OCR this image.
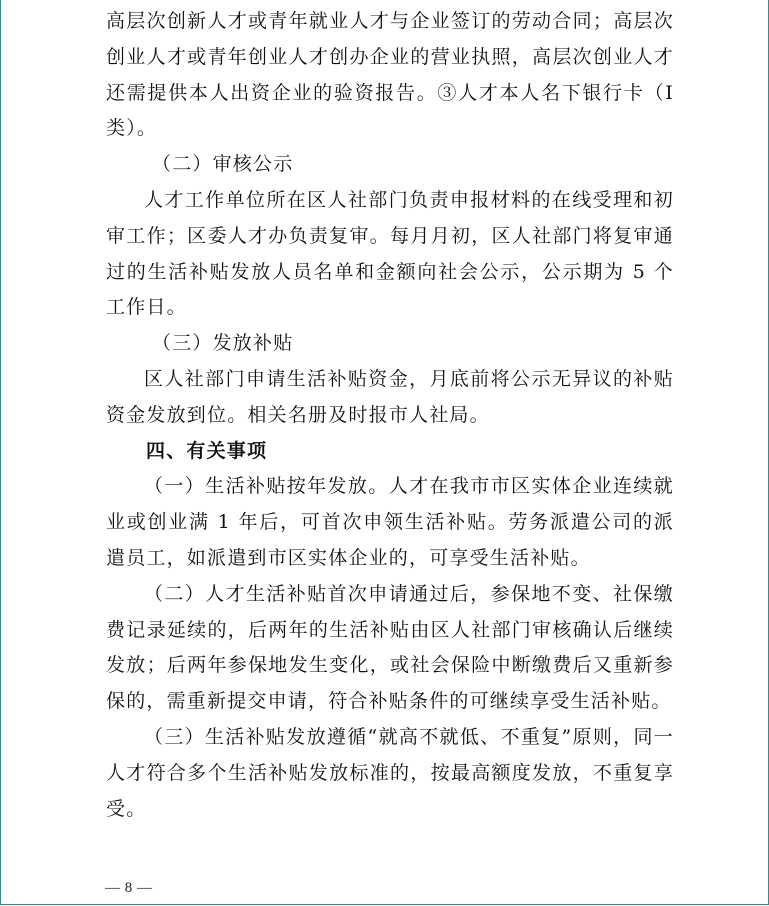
高层次创新人才或青年就业人才与企业签订的劳动合同；高层次创业人才或青年创业人才创办企业的营业执照，高层次创业人才还需提供本人出资企业的验资报告。③人才本人名下银行卡（Ⅰ类）。

（二）审核公示

人才工作单位所在区人社部门负责申报材料的在线受理和初审工作；区委人才办负责复审。每月月初，区人社部门将复审通过的生活补贴发放人员名单和金额向社会公示，公示期为 5 个工作日。

（三）发放补贴

区人社部门申请生活补贴资金，月底前将公示无异议的补贴资金发放到位。相关名册及时报市人社局。

四、有关事项

（一）生活补贴按年发放。人才在我市市区实体企业连续就业或创业满 1 年后，可首次申领生活补贴。劳务派遣公司的派遣员工，如派遣到市区实体企业的，可享受生活补贴。

（二）人才生活补贴首次申请通过后，参保地不变、社保缴费记录延续的，后两年的生活补贴由区人社部门审核确认后继续发放；后两年参保地发生变化，或社会保险中断缴费后又重新参保的，需重新提交申请，符合补贴条件的可继续享受生活补贴。

（三）生活补贴发放遵循“就高不就低、不重复”原则，同一人才符合多个生活补贴发放标准的，按最高额度发放，不重复享受。

— 8 —
